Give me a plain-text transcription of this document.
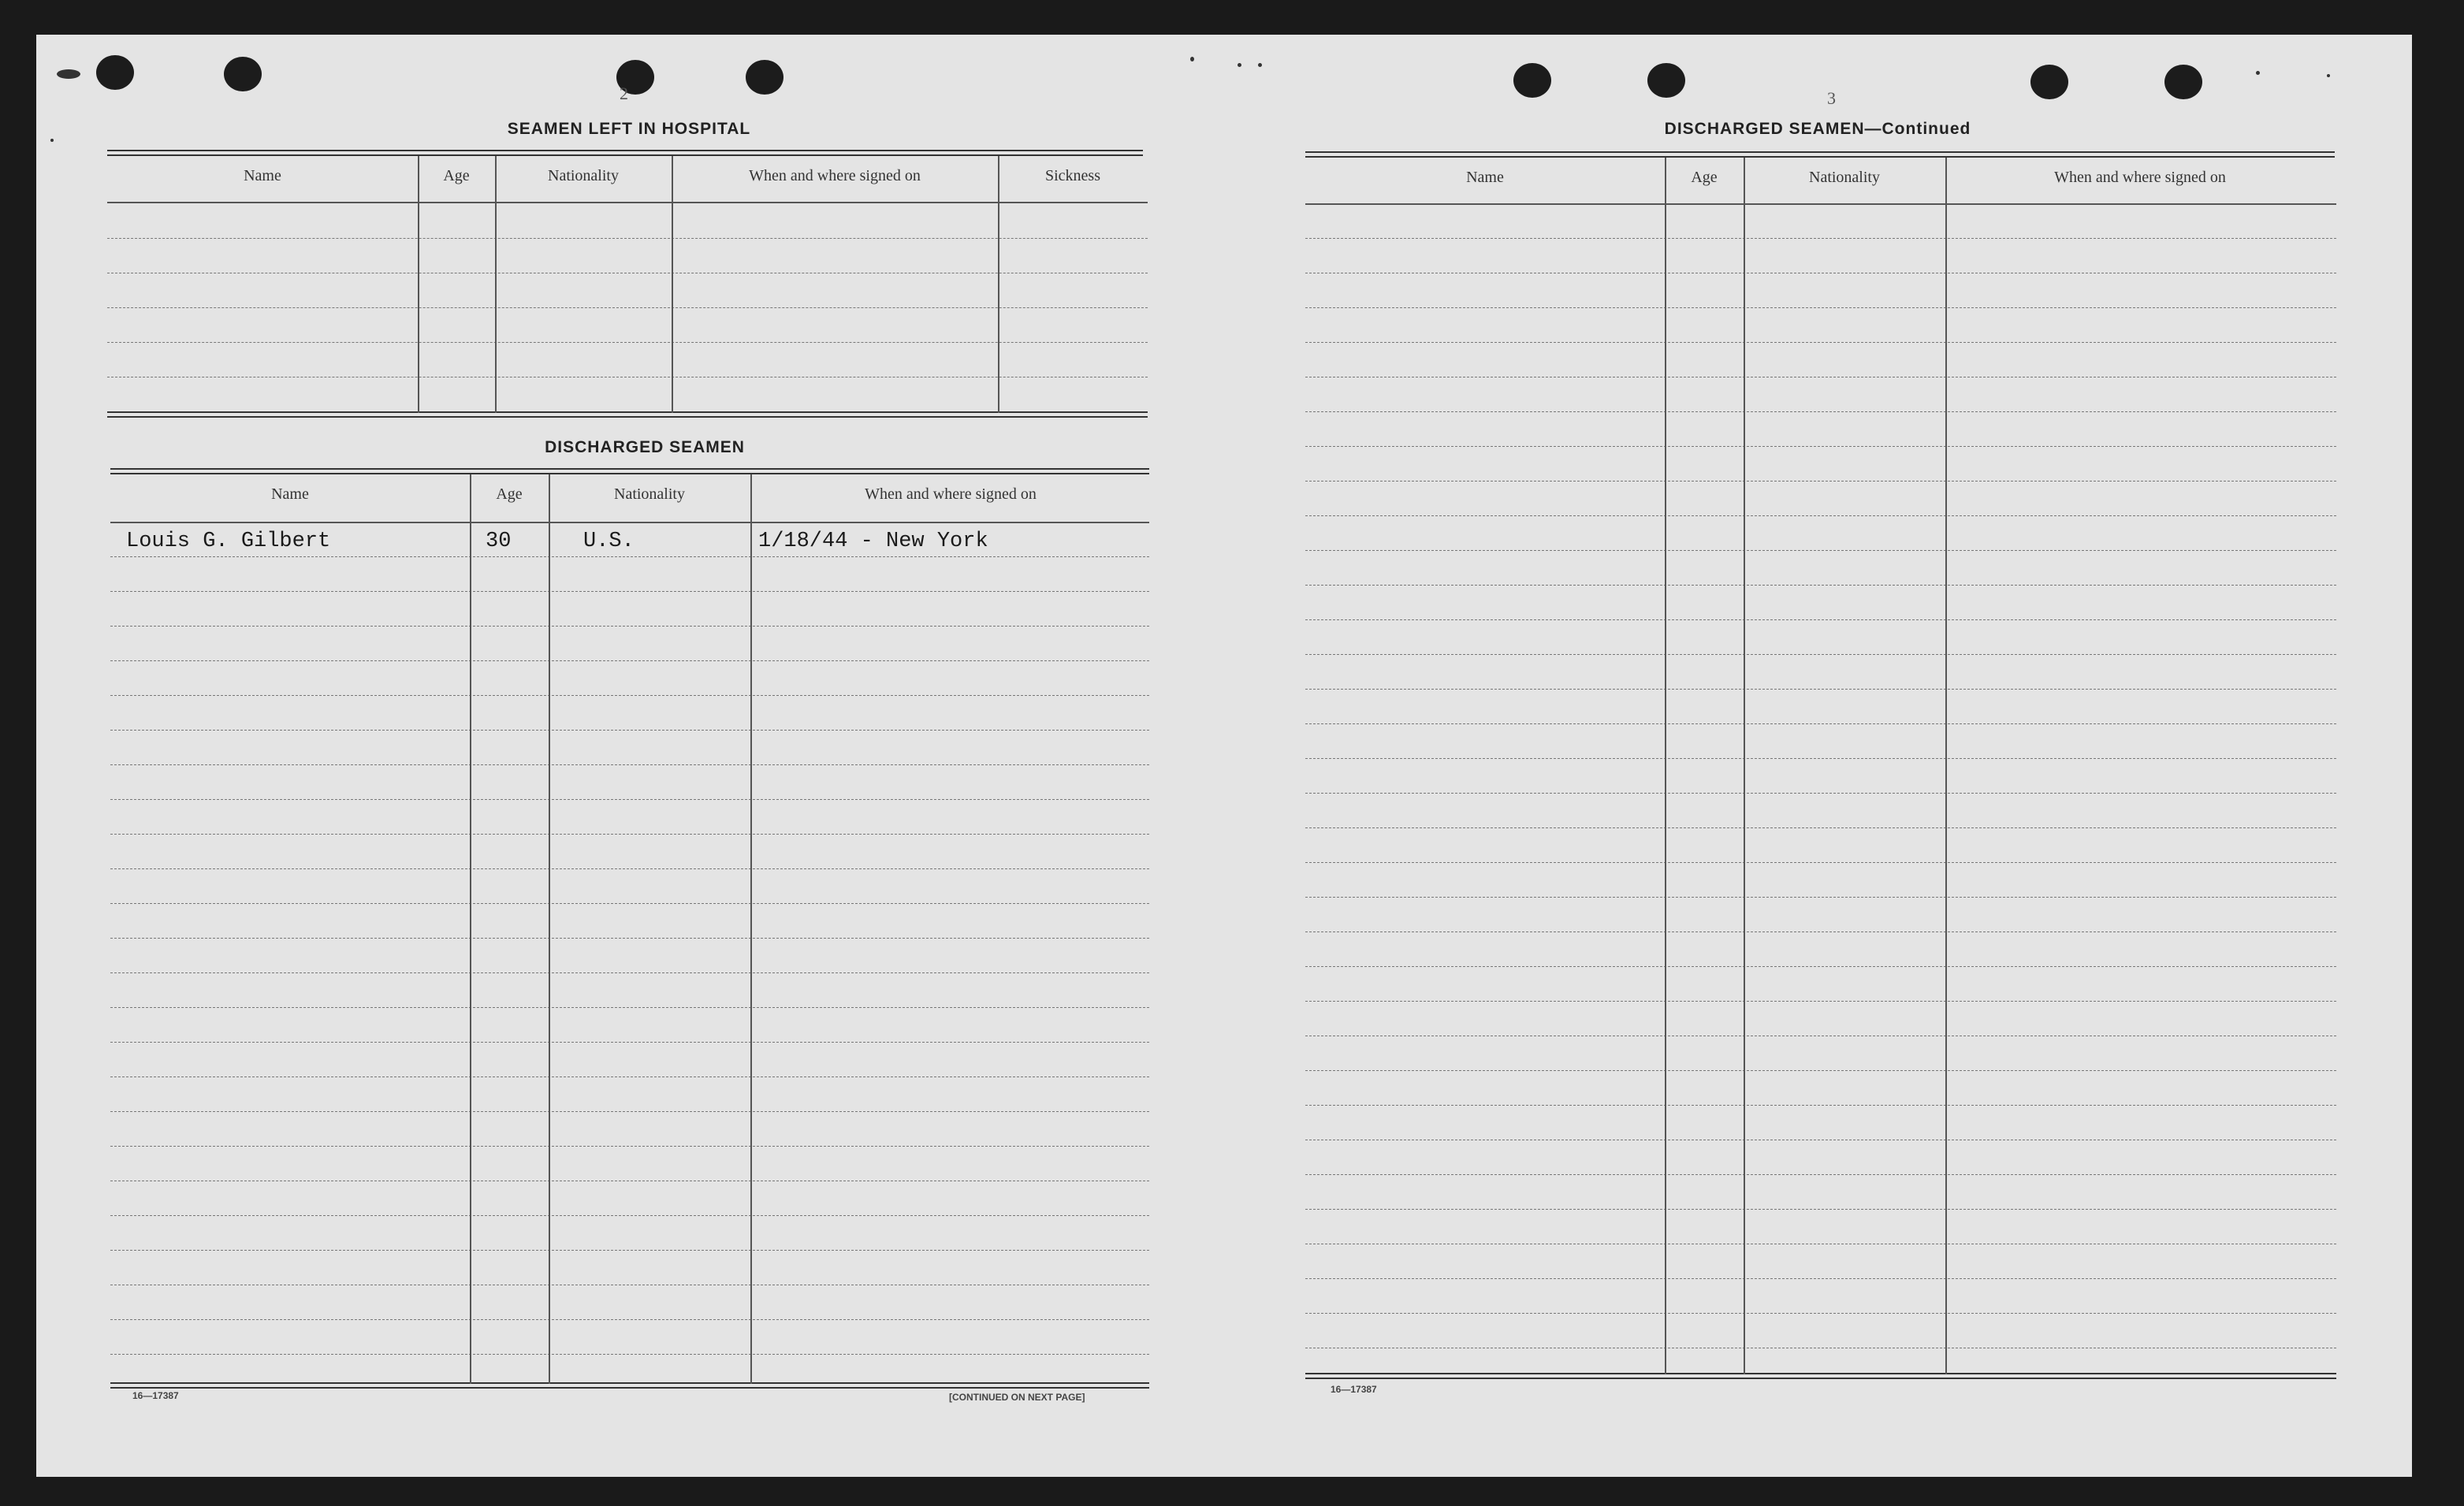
2
SEAMEN LEFT IN HOSPITAL
Name	Age	Nationality	When and where signed on	Sickness
DISCHARGED SEAMEN
Name	Age	Nationality	When and where signed on
Louis G. Gilbert	30	U.S.	1/18/44 - New York
16—17387	[CONTINUED ON NEXT PAGE]
3
DISCHARGED SEAMEN—Continued
Name	Age	Nationality	When and where signed on
16—17387
